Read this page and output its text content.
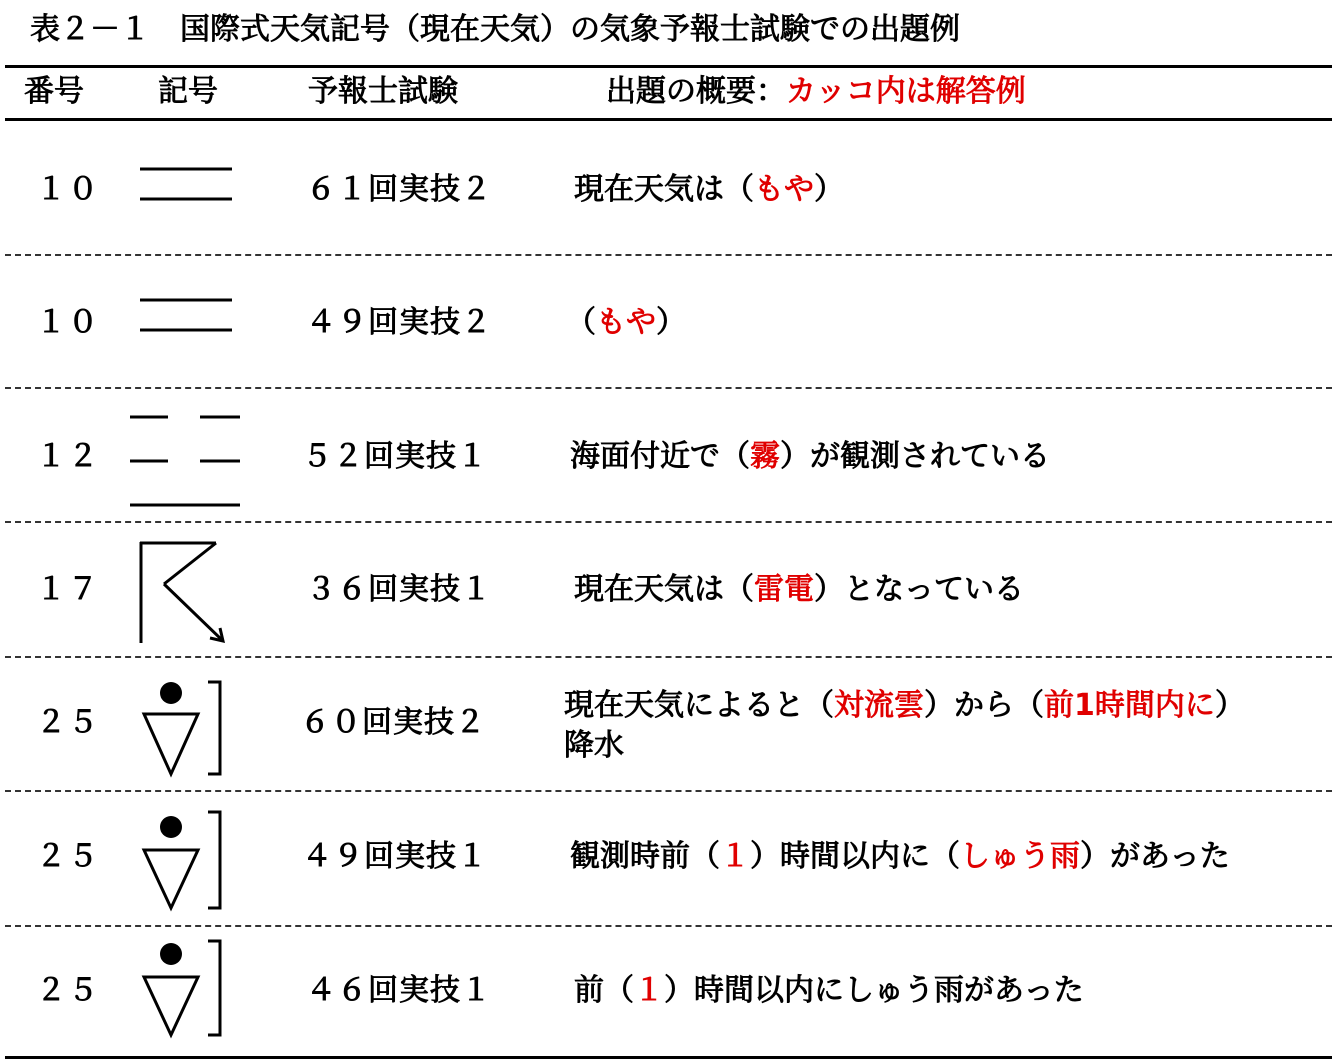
表２－１　国際式天気記号（現在天気）の気象予報士試験での出題例
番号 記号	予報士試験	出題の概要：カッコ内は解答例
１０	６１回実技２	現在天気は（もや）
１０	４９回実技２ （もや）
１２	５２回実技１	海面付近で（霧）が観測されている
１７	３６回実技１	現在天気は（雷電）となっている
２５	６０回実技２	現在天気によると（対流雲）から（前1時間内に）
降水
２５	４９回実技１	観測時前（１）時間以内に（しゅう雨）があった
２５	４６回実技１	前（１）時間以内にしゅう雨があった
